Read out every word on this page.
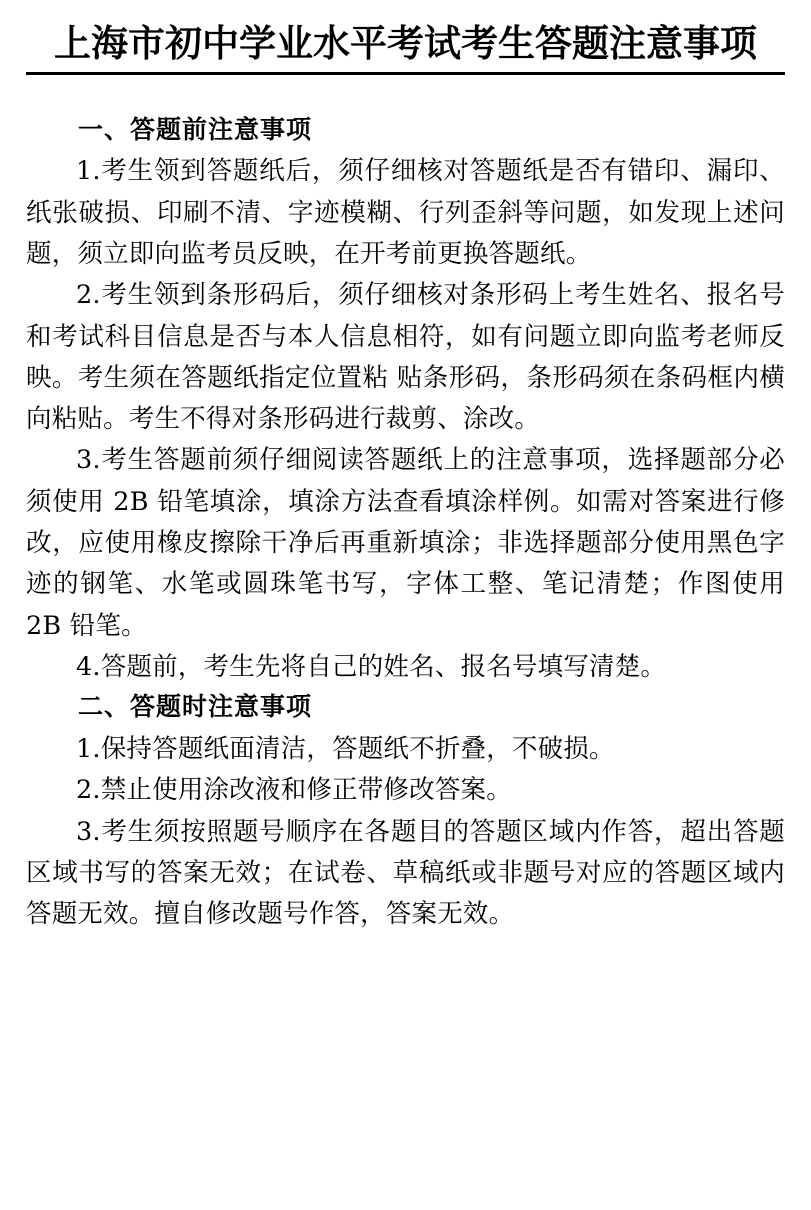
上海市初中学业水平考试考生答题注意事项
一、答题前注意事项

1.考生领到答题纸后，须仔细核对答题纸是否有错印、漏印、纸张破损、印刷不清、字迹模糊、行列歪斜等问题，如发现上述问题，须立即向监考员反映，在开考前更换答题纸。

2.考生领到条形码后，须仔细核对条形码上考生姓名、报名号和考试科目信息是否与本人信息相符，如有问题立即向监考老师反映。考生须在答题纸指定位置粘 贴条形码，条形码须在条码框内横向粘贴。考生不得对条形码进行裁剪、涂改。

3.考生答题前须仔细阅读答题纸上的注意事项，选择题部分必须使用 2B 铅笔填涂，填涂方法查看填涂样例。如需对答案进行修改，应使用橡皮擦除干净后再重新填涂；非选择题部分使用黑色字迹的钢笔、水笔或圆珠笔书写，字体工整、笔记清楚；作图使用 2B 铅笔。

4.答题前，考生先将自己的姓名、报名号填写清楚。

二、答题时注意事项

1.保持答题纸面清洁，答题纸不折叠，不破损。

2.禁止使用涂改液和修正带修改答案。

3.考生须按照题号顺序在各题目的答题区域内作答，超出答题区域书写的答案无效；在试卷、草稿纸或非题号对应的答题区域内答题无效。擅自修改题号作答，答案无效。
